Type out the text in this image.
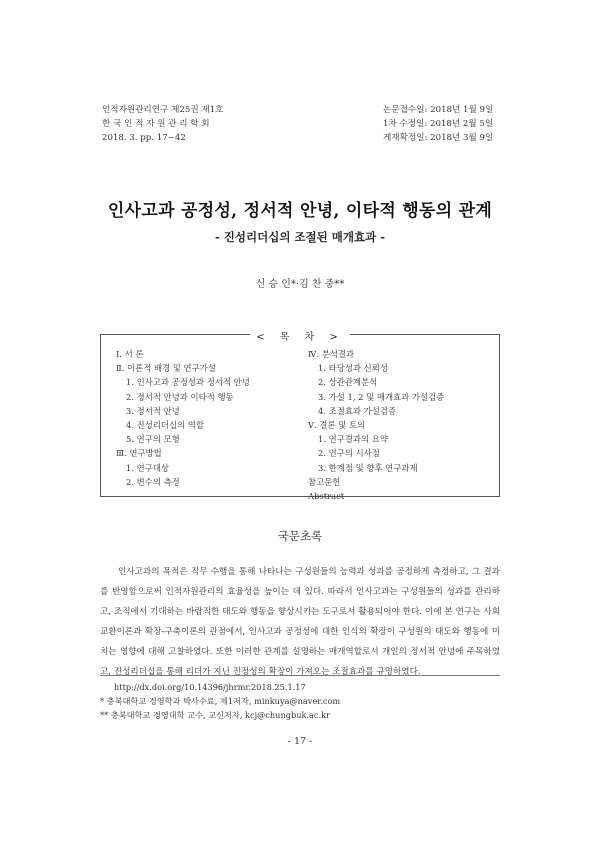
인적자원관리연구 제25권 제1호
한 국 인 적 자 원 관 리 학 회
2018. 3. pp. 17~42
논문접수일: 2018년 1월 9일
1차 수정일: 2018년 2월 5일
게재확정일: 2018년 3월 9일
인사고과 공정성, 정서적 안녕, 이타적 행동의 관계
- 진성리더십의 조절된 매개효과 -
신 승 인*·김 찬 중**
< 목 차 >
Ⅰ. 서 론
Ⅱ. 이론적 배경 및 연구가설
1. 인사고과 공정성과 정서적 안녕
2. 정서적 안녕과 이타적 행동
3. 정서적 안녕
4. 진성리더십의 역할
5. 연구의 모형
Ⅲ. 연구방법
1. 연구대상
2. 변수의 측정
Ⅳ. 분석결과
1. 타당성과 신뢰성
2. 상관관계분석
3. 가설 1, 2 및 매개효과 가설검증
4. 조절효과 가설검증
Ⅴ. 결론 및 토의
1. 연구결과의 요약
2. 연구의 시사점
3. 한계점 및 향후 연구과제
참고문헌
Abstract
국문초록

인사고과의 목적은 직무 수행을 통해 나타나는 구성원들의 능력과 성과를 공정하게 측정하고, 그 결과를 반영함으로써 인적자원관리의 효율성을 높이는 데 있다. 따라서 인사고과는 구성원들의 성과를 관리하고, 조직에서 기대하는 바람직한 태도와 행동을 향상시키는 도구로서 활용되어야 한다. 이에 본 연구는 사회교환이론과 확장-구축이론의 관점에서, 인사고과 공정성에 대한 인식의 확장이 구성원의 태도와 행동에 미치는 영향에 대해 고찰하였다. 또한 이러한 관계를 설명하는 매개역할로서 개인의 정서적 안녕에 주목하였고, 진성리더십을 통해 리더가 지닌 진정성의 확장이 가져오는 조절효과를 규명하였다.

http://dx.doi.org/10.14396/jhrmr.2018.25.1.17
* 충북대학교 경영학과 박사수료, 제1저자, minkuya@naver.com
** 충북대학교 경영대학 교수, 교신저자, kcj@chungbuk.ac.kr
- 17 -
